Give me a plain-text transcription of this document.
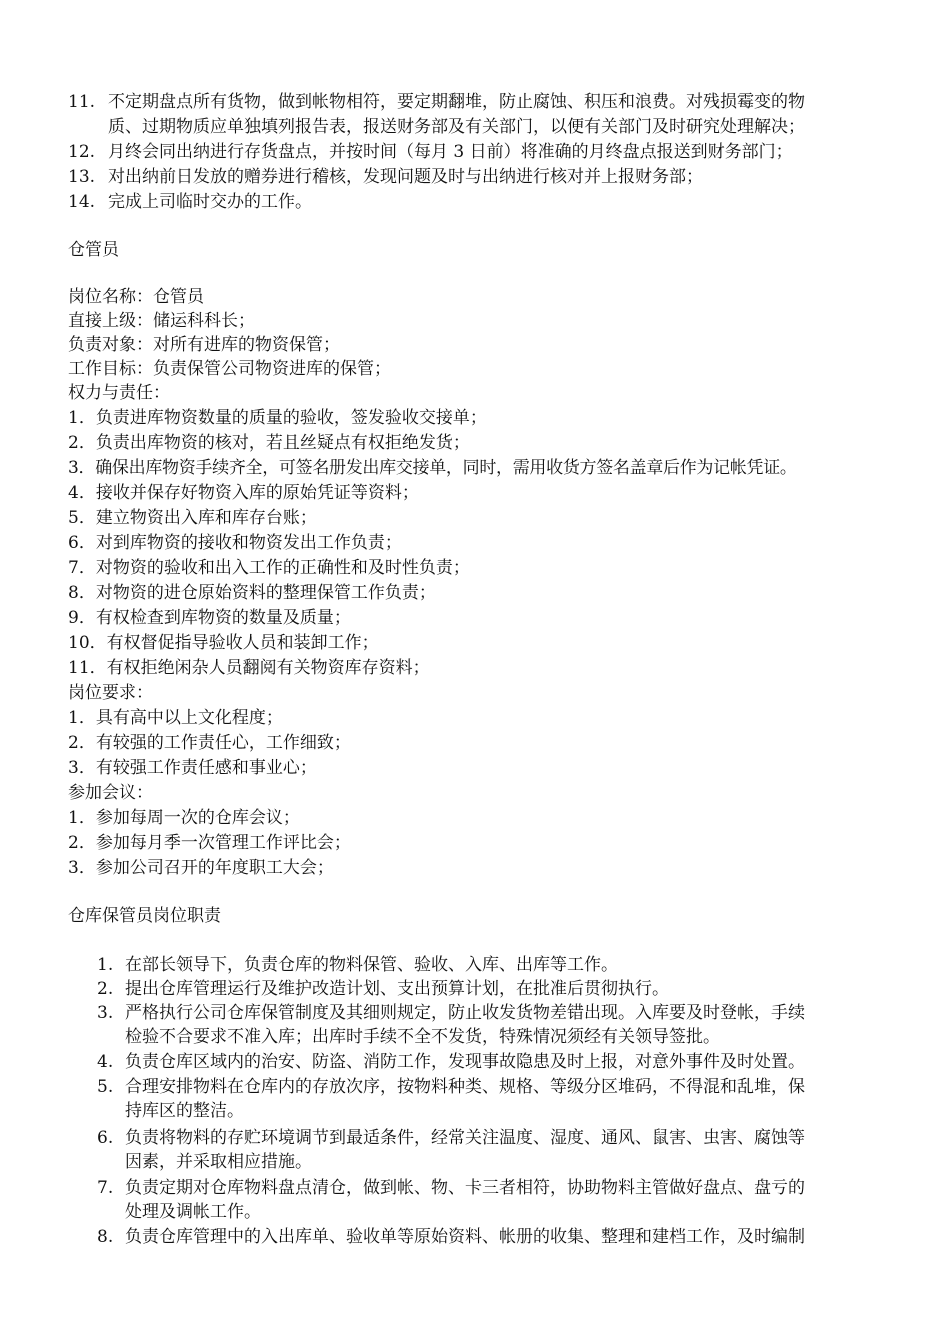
11. 不定期盘点所有货物，做到帐物相符，要定期翻堆，防止腐蚀、积压和浪费。对残损霉变的物
质、过期物质应单独填列报告表，报送财务部及有关部门，以便有关部门及时研究处理解决；
12. 月终会同出纳进行存货盘点，并按时间（每月 3 日前）将准确的月终盘点报送到财务部门；
13. 对出纳前日发放的赠券进行稽核，发现问题及时与出纳进行核对并上报财务部；
14. 完成上司临时交办的工作。
仓管员
岗位名称：仓管员
直接上级：储运科科长；
负责对象：对所有进库的物资保管；
工作目标：负责保管公司物资进库的保管；
权力与责任：
1．负责进库物资数量的质量的验收，签发验收交接单；
2．负责出库物资的核对，若且丝疑点有权拒绝发货；
3．确保出库物资手续齐全，可签名册发出库交接单，同时，需用收货方签名盖章后作为记帐凭证。
4．接收并保存好物资入库的原始凭证等资料；
5．建立物资出入库和库存台账；
6．对到库物资的接收和物资发出工作负责；
7．对物资的验收和出入工作的正确性和及时性负责；
8．对物资的进仓原始资料的整理保管工作负责；
9．有权检查到库物资的数量及质量；
10．有权督促指导验收人员和装卸工作；
11．有权拒绝闲杂人员翻阅有关物资库存资料；
岗位要求：
1．具有高中以上文化程度；
2．有较强的工作责任心，工作细致；
3．有较强工作责任感和事业心；
参加会议：
1．参加每周一次的仓库会议；
2．参加每月季一次管理工作评比会；
3．参加公司召开的年度职工大会；
仓库保管员岗位职责
1. 在部长领导下，负责仓库的物料保管、验收、入库、出库等工作。
2. 提出仓库管理运行及维护改造计划、支出预算计划，在批准后贯彻执行。
3. 严格执行公司仓库保管制度及其细则规定，防止收发货物差错出现。入库要及时登帐，手续
检验不合要求不准入库；出库时手续不全不发货，特殊情况须经有关领导签批。
4. 负责仓库区域内的治安、防盗、消防工作，发现事故隐患及时上报，对意外事件及时处置。
5. 合理安排物料在仓库内的存放次序，按物料种类、规格、等级分区堆码，不得混和乱堆，保
持库区的整洁。
6. 负责将物料的存贮环境调节到最适条件，经常关注温度、湿度、通风、鼠害、虫害、腐蚀等
因素，并采取相应措施。
7. 负责定期对仓库物料盘点清仓，做到帐、物、卡三者相符，协助物料主管做好盘点、盘亏的
处理及调帐工作。
8. 负责仓库管理中的入出库单、验收单等原始资料、帐册的收集、整理和建档工作，及时编制
